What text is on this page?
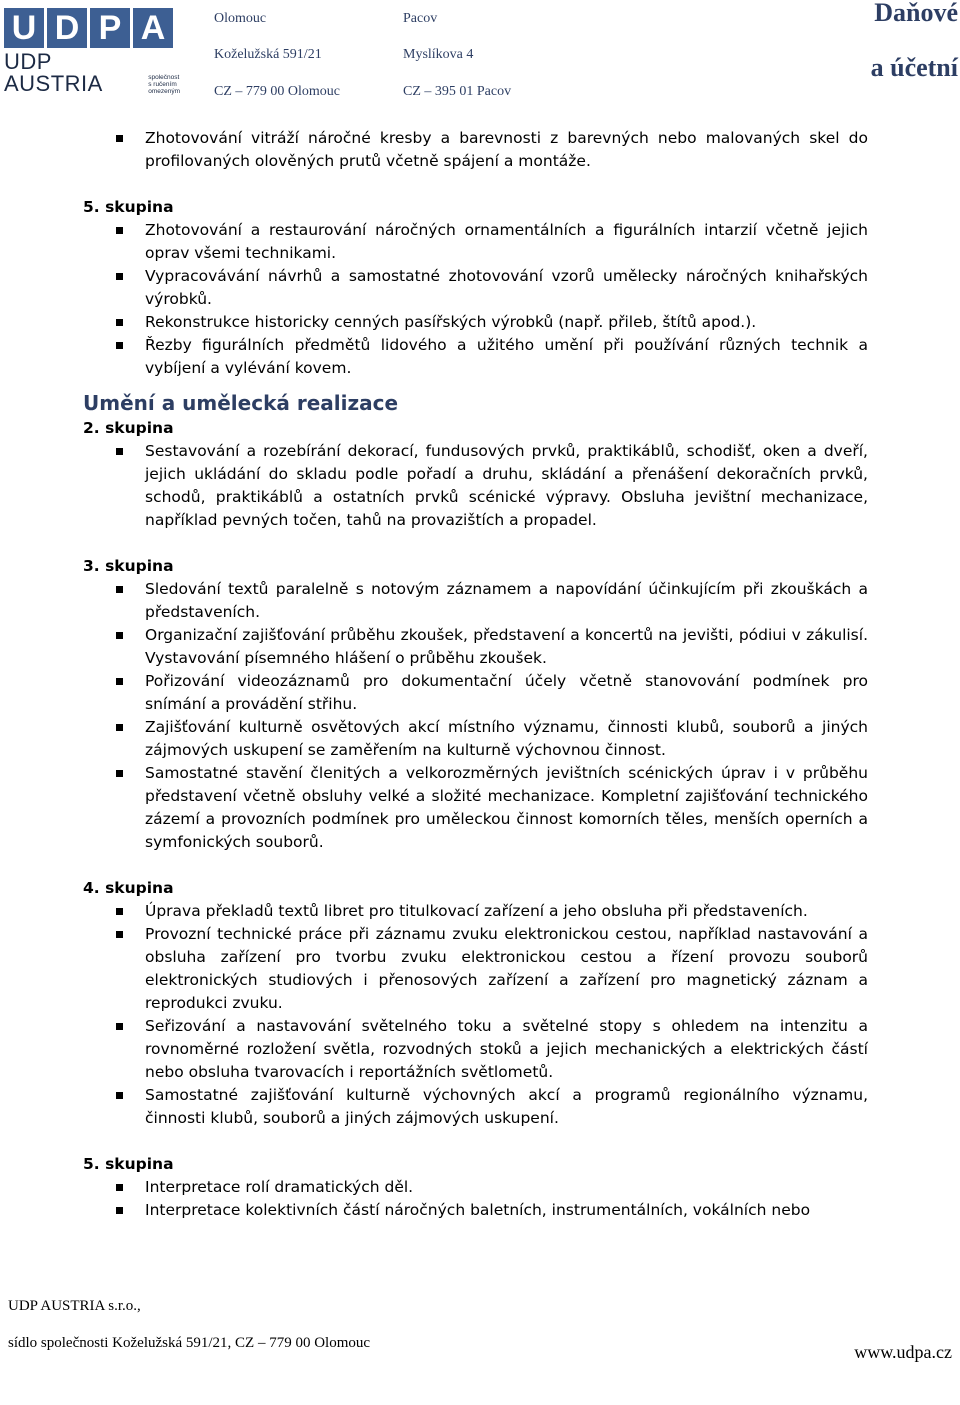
U D P A
UDP AUSTRIA	společnost s ručením omezeným
Olomouc
Koželužská 591/21
CZ – 779 00 Olomouc
Pacov
Myslíkova 4
CZ – 395 01 Pacov
Daňové
a účetní
Zhotovování vitráží náročné kresby a barevnosti z barevných nebo malovaných skel do profilovaných olověných prutů včetně spájení a montáže.
5. skupina
Zhotovování a restaurování náročných ornamentálních a figurálních intarzií včetně jejich oprav všemi technikami.
Vypracovávání návrhů a samostatné zhotovování vzorů umělecky náročných knihařských výrobků.
Rekonstrukce historicky cenných pasířských výrobků (např. přileb, štítů apod.).
Řezby figurálních předmětů lidového a užitého umění při používání různých technik a vybíjení a vylévání kovem.
Umění a umělecká realizace
2. skupina
Sestavování a rozebírání dekorací, fundusových prvků, praktikáblů, schodišť, oken a dveří, jejich ukládání do skladu podle pořadí a druhu, skládání a přenášení dekoračních prvků, schodů, praktikáblů a ostatních prvků scénické výpravy. Obsluha jevištní mechanizace, například pevných točen, tahů na provazištích a propadel.
3. skupina
Sledování textů paralelně s notovým záznamem a napovídání účinkujícím při zkouškách a představeních.
Organizační zajišťování průběhu zkoušek, představení a koncertů na jevišti, pódiui v zákulisí. Vystavování písemného hlášení o průběhu zkoušek.
Pořizování videozáznamů pro dokumentační účely včetně stanovování podmínek pro snímání a provádění střihu.
Zajišťování kulturně osvětových akcí místního významu, činnosti klubů, souborů a jiných zájmových uskupení se zaměřením na kulturně výchovnou činnost.
Samostatné stavění členitých a velkorozměrných jevištních scénických úprav i v průběhu představení včetně obsluhy velké a složité mechanizace. Kompletní zajišťování technického zázemí a provozních podmínek pro uměleckou činnost komorních těles, menších operních a symfonických souborů.
4. skupina
Úprava překladů textů libret pro titulkovací zařízení a jeho obsluha při představeních.
Provozní technické práce při záznamu zvuku elektronickou cestou, například nastavování a obsluha zařízení pro tvorbu zvuku elektronickou cestou a řízení provozu souborů elektronických studiových i přenosových zařízení a zařízení pro magnetický záznam a reprodukci zvuku.
Seřizování a nastavování světelného toku a světelné stopy s ohledem na intenzitu a rovnoměrné rozložení světla, rozvodných stoků a jejich mechanických a elektrických částí nebo obsluha tvarovacích i reportážních světlometů.
Samostatné zajišťování kulturně výchovných akcí a programů regionálního významu, činnosti klubů, souborů a jiných zájmových uskupení.
5. skupina
Interpretace rolí dramatických děl.
Interpretace kolektivních částí náročných baletních, instrumentálních, vokálních nebo
UDP AUSTRIA s.r.o.,
sídlo společnosti Koželužská 591/21, CZ – 779 00 Olomouc	www.udpa.cz
